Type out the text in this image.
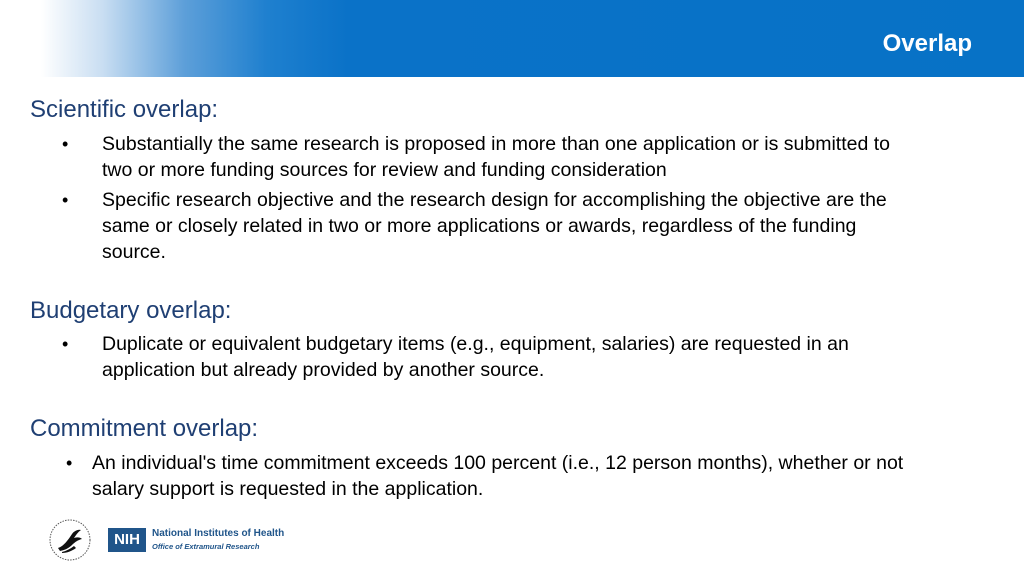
Overlap
Scientific overlap:
• Substantially the same research is proposed in more than one application or is submitted to
two or more funding sources for review and funding consideration
• Specific research objective and the research design for accomplishing the objective are the
same or closely related in two or more applications or awards, regardless of the funding
source.
Budgetary overlap:
• Duplicate or equivalent budgetary items (e.g., equipment, salaries) are requested in an
application but already provided by another source.
Commitment overlap:
• An individual's time commitment exceeds 100 percent (i.e., 12 person months), whether or not
salary support is requested in the application.
NIH	National Institutes of Health
Office of Extramural Research
